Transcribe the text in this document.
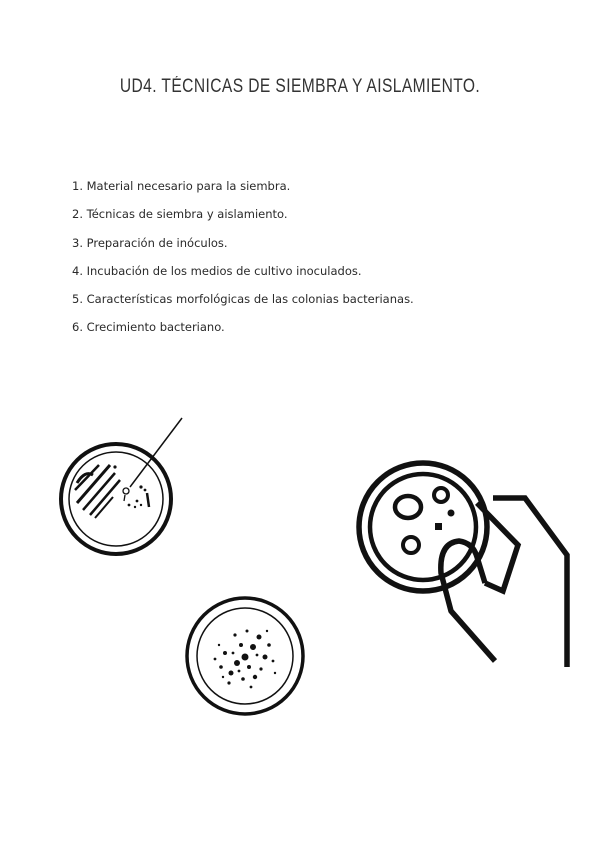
UD4. TÉCNICAS DE SIEMBRA Y AISLAMIENTO.
1. Material necesario para la siembra.
2. Técnicas de siembra y aislamiento.
3. Preparación de inóculos.
4. Incubación de los medios de cultivo inoculados.
5. Características morfológicas de las colonias bacterianas.
6. Crecimiento bacteriano.
